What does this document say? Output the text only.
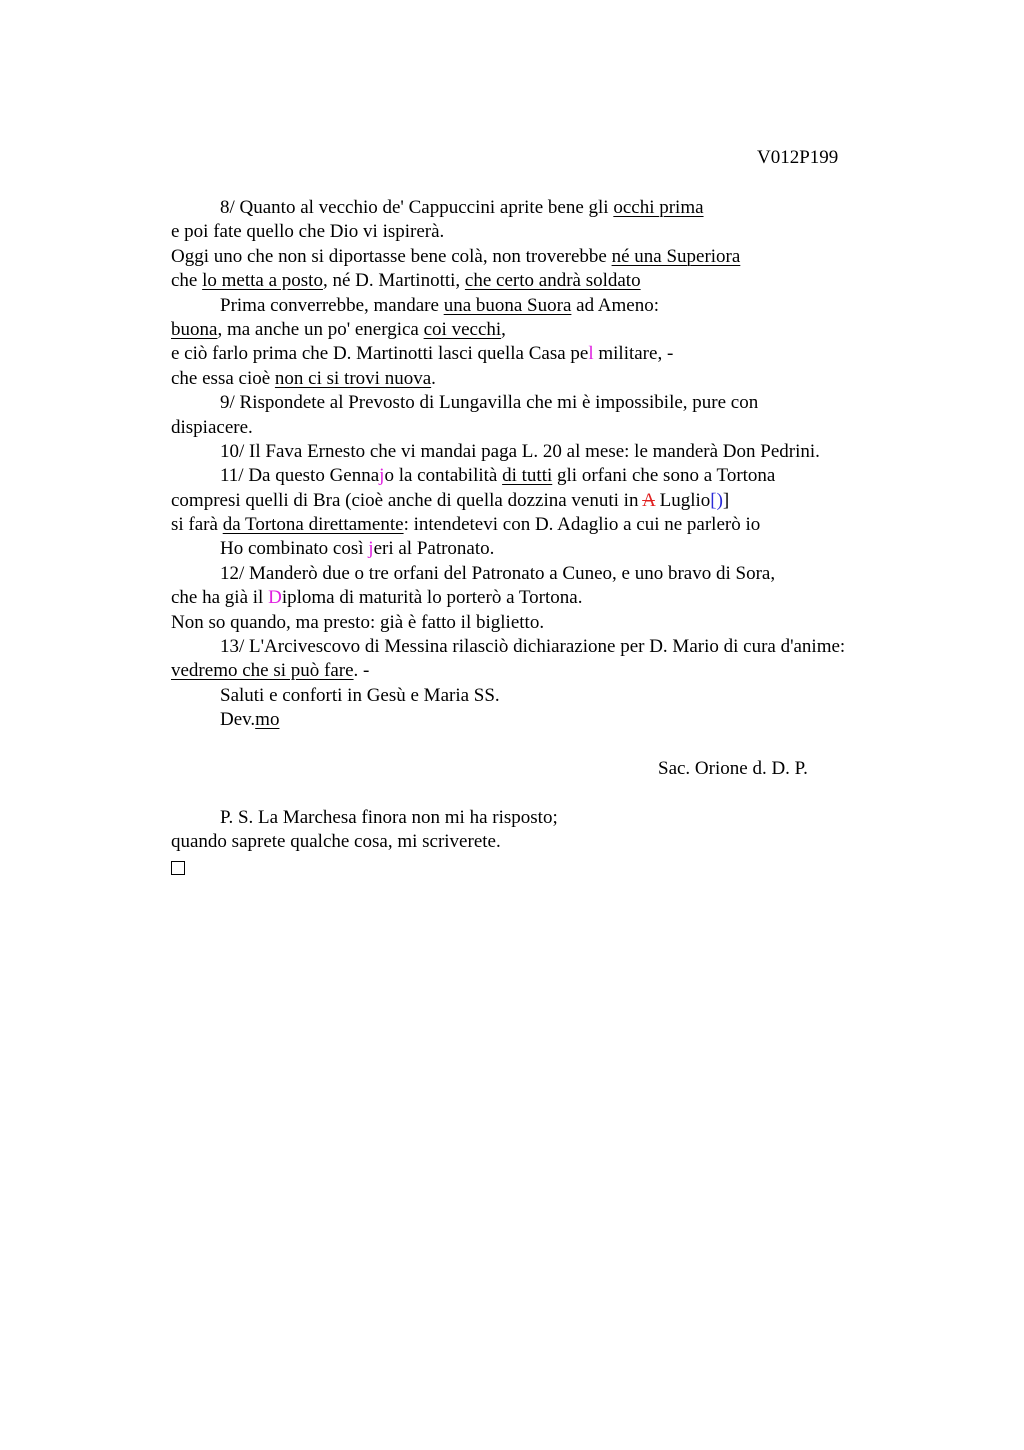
V012P199
8/ Quanto al vecchio de' Cappuccini aprite bene gli occhi prima
e poi fate quello che Dio vi ispirerà.
Oggi uno che non si diportasse bene colà, non troverebbe né una Superiora
che lo metta a posto, né D. Martinotti, che certo andrà soldato
Prima converrebbe, mandare una buona Suora ad Ameno:
buona, ma anche un po' energica coi vecchi,
e ciò farlo prima che D. Martinotti lasci quella Casa pel militare, -
che essa cioè non ci si trovi nuova.
9/ Rispondete al Prevosto di Lungavilla che mi è impossibile, pure con
dispiacere.
10/ Il Fava Ernesto che vi mandai paga L. 20 al mese: le manderà Don Pedrini.
11/ Da questo Gennajo la contabilità di tutti gli orfani che sono a Tortona
compresi quelli di Bra (cioè anche di quella dozzina venuti in A Luglio[)]
si farà da Tortona direttamente: intendetevi con D. Adaglio a cui ne parlerò io
Ho combinato così jeri al Patronato.
12/ Manderò due o tre orfani del Patronato a Cuneo, e uno bravo di Sora,
che ha già il Diploma di maturità lo porterò a Tortona.
Non so quando, ma presto: già è fatto il biglietto.
13/ L'Arcivescovo di Messina rilasciò dichiarazione per D. Mario di cura d'anime:
vedremo che si può fare. -
Saluti e conforti in Gesù e Maria SS.
Dev.mo
Sac. Orione d. D. P.
P. S. La Marchesa finora non mi ha risposto;
quando saprete qualche cosa, mi scriverete.
